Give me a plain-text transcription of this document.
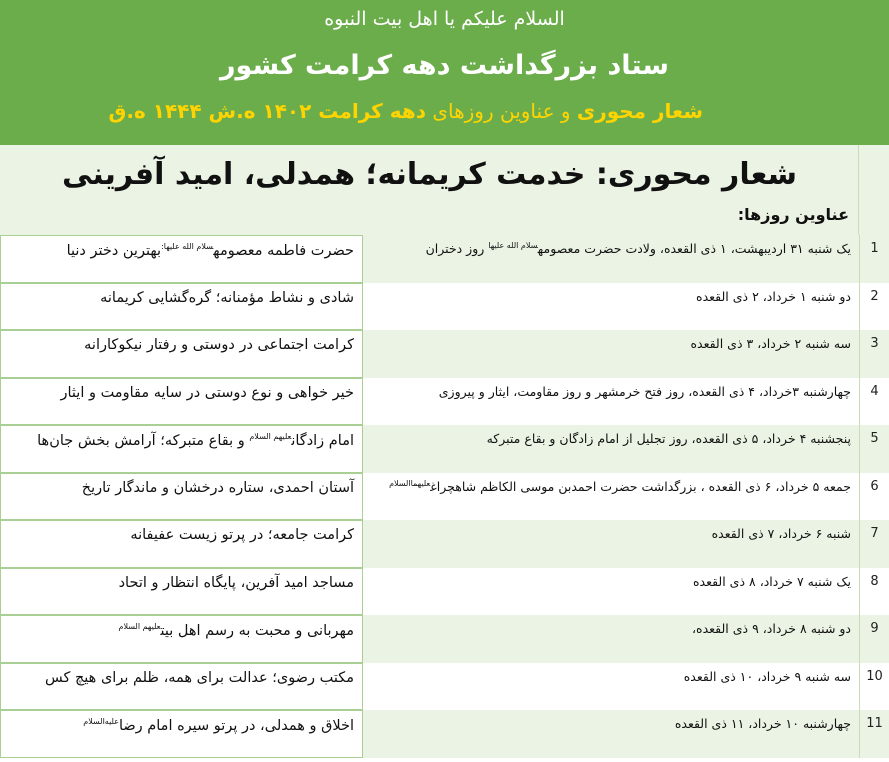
السلام علیکم یا اهل بیت النبوه
ستاد بزرگداشت دهه کرامت کشور
شعار محوری و عناوین روزهای دهه کرامت ۱۴۰۲ ه.ش ۱۴۴۴ ه.ق
شعار محوری: خدمت کریمانه؛ همدلی، امید آفرینی
عناوین روزها:
1
یک شنبه ۳۱ اردیبهشت، ۱ ذی القعده، ولادت حضرت معصومه$^{سلام الله علیها}$ روز دختران
حضرت فاطمه معصومه$^{سلام الله علیها:}$بهترین دختر دنیا
2
دو شنبه ۱ خرداد، ۲ ذی القعده
شادی و نشاط مؤمنانه؛ گره‌گشایی کریمانه
3
سه شنبه ۲ خرداد، ۳ ذی القعده
کرامت اجتماعی در دوستی و رفتار نیکوکارانه
4
چهارشنبه ۳خرداد، ۴ ذی القعده، روز فتح خرمشهر و روز مقاومت، ایثار و پیروزی
خیر خواهی و نوع دوستی در سایه مقاومت و ایثار
5
پنجشنبه ۴ خرداد، ۵ ذی القعده، روز تجلیل از امام زادگان و بقاع متبرکه
امام زادگان$^{علیهم السلام}$ و بقاع متبرکه؛ آرامش بخش جان‌ها
6
جمعه ۵ خرداد، ۶ ذی القعده ، بزرگداشت حضرت احمدبن موسی الکاظم شاهچراغ$^{علیهماالسلام}$
آستان احمدی، ستاره درخشان و ماندگار تاریخ
7
شنبه ۶ خرداد، ۷ ذی القعده
کرامت جامعه؛ در پرتو زیست عفیفانه
8
یک شنبه ۷ خرداد، ۸ ذی القعده
مساجد امید آفرین، پایگاه انتظار و اتحاد
9
دو شنبه ۸ خرداد، ۹ ذی القعده،
مهربانی و محبت به رسم اهل بیت$^{علیهم السلام}$
10
سه شنبه ۹ خرداد، ۱۰ ذی القعده
مکتب رضوی؛ عدالت برای همه، ظلم برای هیچ کس
11
چهارشنبه ۱۰ خرداد، ۱۱ ذی القعده
اخلاق و همدلی، در پرتو سیره امام رضا$^{علیه‌السلام}$
